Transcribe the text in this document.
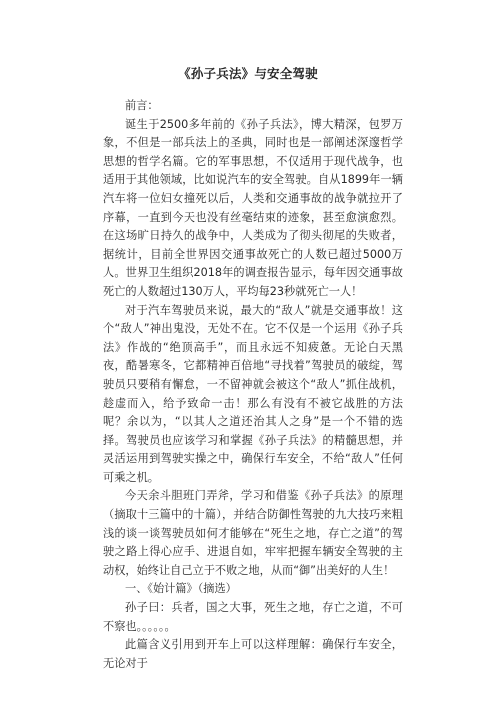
《孙子兵法》与安全驾驶

前言：

诞生于2500多年前的《孙子兵法》，博大精深，包罗万象，不但是一部兵法上的圣典，同时也是一部阐述深邃哲学思想的哲学名篇。它的军事思想，不仅适用于现代战争，也适用于其他领域，比如说汽车的安全驾驶。自从1899年一辆汽车将一位妇女撞死以后，人类和交通事故的战争就拉开了序幕，一直到今天也没有丝毫结束的迹象，甚至愈演愈烈。在这场旷日持久的战争中，人类成为了彻头彻尾的失败者，据统计，目前全世界因交通事故死亡的人数已超过5000万人。世界卫生组织2018年的调查报告显示，每年因交通事故死亡的人数超过130万人，平均每23秒就死亡一人！

对于汽车驾驶员来说，最大的“敌人”就是交通事故！这个“敌人”神出鬼没，无处不在。它不仅是一个运用《孙子兵法》作战的“绝顶高手”，而且永远不知疲惫。无论白天黑夜，酷暑寒冬，它都精神百倍地“寻找着”驾驶员的破绽，驾驶员只要稍有懈怠，一不留神就会被这个“敌人”抓住战机，趁虚而入，给予致命一击！那么有没有不被它战胜的方法呢？余以为，“以其人之道还治其人之身”是一个不错的选择。驾驶员也应该学习和掌握《孙子兵法》的精髓思想，并灵活运用到驾驶实操之中，确保行车安全，不给“敌人”任何可乘之机。

今天余斗胆班门弄斧，学习和借鉴《孙子兵法》的原理（摘取十三篇中的十篇），并结合防御性驾驶的九大技巧来粗浅的谈一谈驾驶员如何才能够在“死生之地，存亡之道”的驾驶之路上得心应手、进退自如，牢牢把握车辆安全驾驶的主动权，始终让自己立于不败之地，从而“御”出美好的人生！

一、《始计篇》（摘选）

孙子曰：兵者，国之大事，死生之地，存亡之道，不可不察也。。。。。。

此篇含义引用到开车上可以这样理解：确保行车安全，无论对于
